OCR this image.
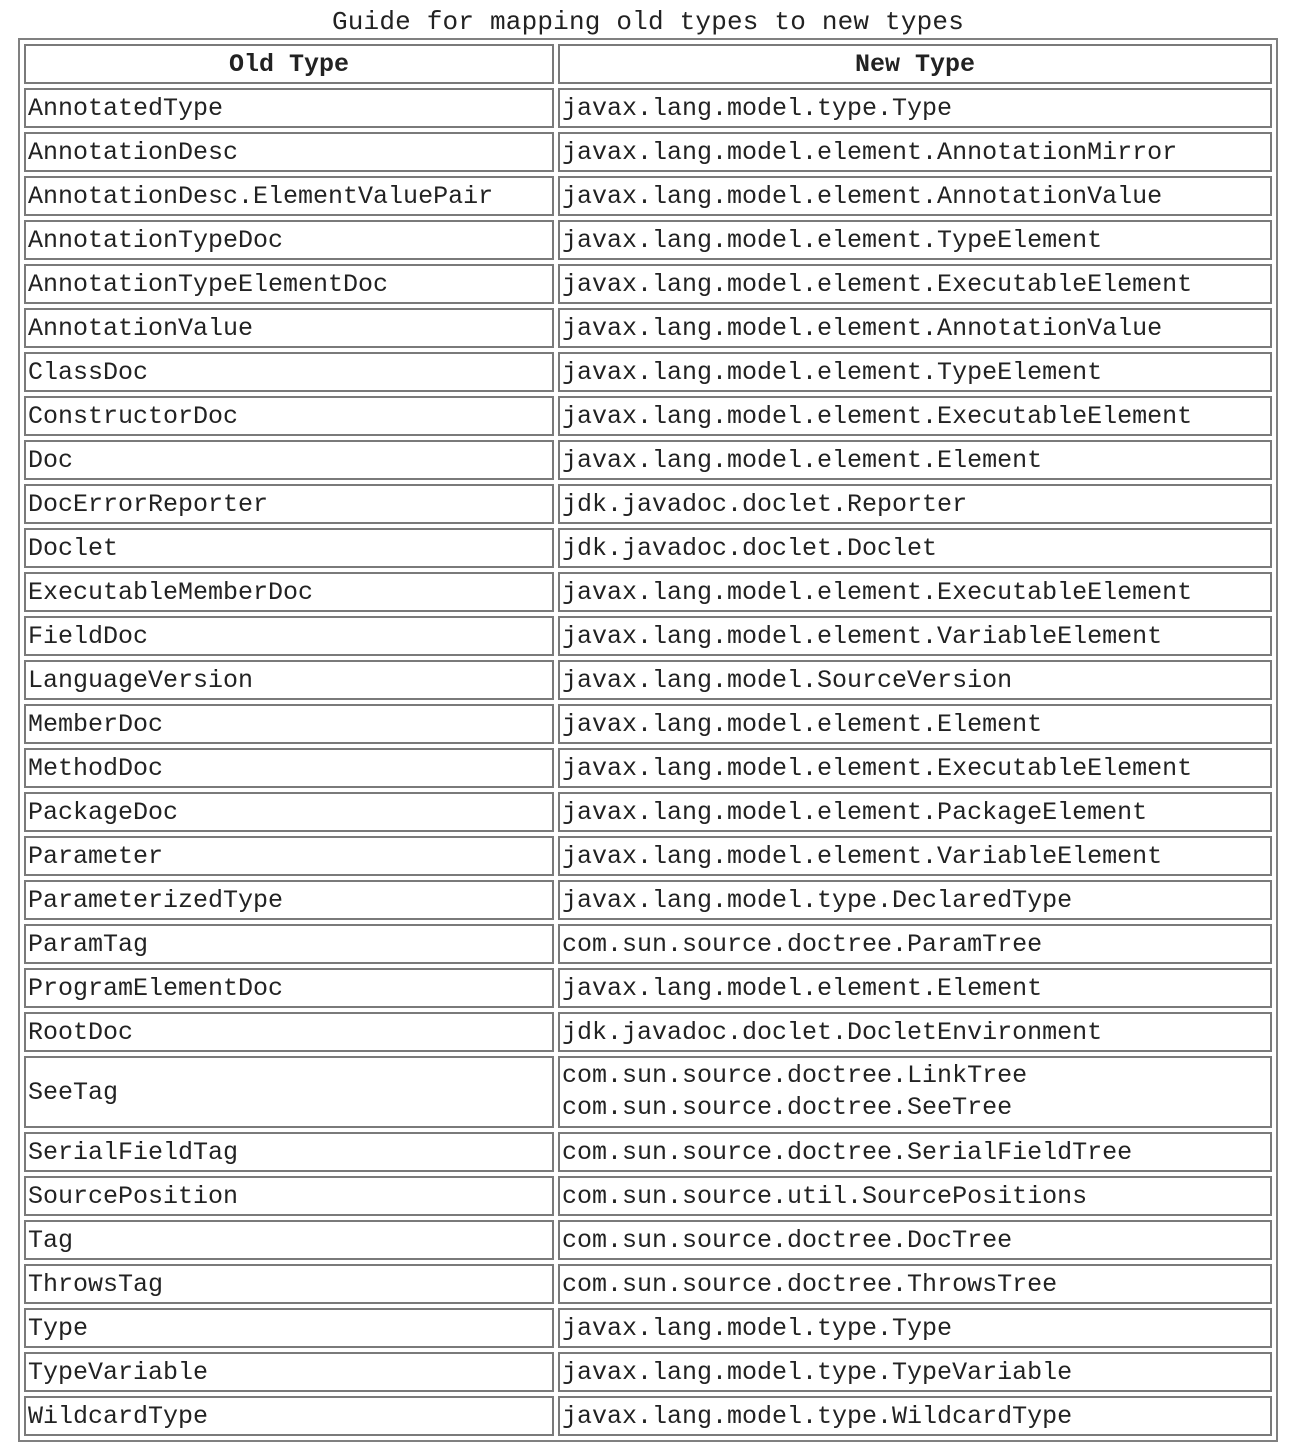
Guide for mapping old types to new types
Old Type	New Type
AnnotatedType	javax.lang.model.type.Type

AnnotationDesc	javax.lang.model.element.AnnotationMirror

AnnotationDesc.ElementValuePair	javax.lang.model.element.AnnotationValue

AnnotationTypeDoc	javax.lang.model.element.TypeElement

AnnotationTypeElementDoc	javax.lang.model.element.ExecutableElement

AnnotationValue	javax.lang.model.element.AnnotationValue

ClassDoc	javax.lang.model.element.TypeElement

ConstructorDoc	javax.lang.model.element.ExecutableElement

Doc	javax.lang.model.element.Element

DocErrorReporter	jdk.javadoc.doclet.Reporter

Doclet	jdk.javadoc.doclet.Doclet

ExecutableMemberDoc	javax.lang.model.element.ExecutableElement

FieldDoc	javax.lang.model.element.VariableElement

LanguageVersion	javax.lang.model.SourceVersion

MemberDoc	javax.lang.model.element.Element

MethodDoc	javax.lang.model.element.ExecutableElement

PackageDoc	javax.lang.model.element.PackageElement

Parameter	javax.lang.model.element.VariableElement

ParameterizedType	javax.lang.model.type.DeclaredType

ParamTag	com.sun.source.doctree.ParamTree

ProgramElementDoc	javax.lang.model.element.Element

RootDoc	jdk.javadoc.doclet.DocletEnvironment

SeeTag	com.sun.source.doctree.LinkTree
com.sun.source.doctree.SeeTree

SerialFieldTag	com.sun.source.doctree.SerialFieldTree

SourcePosition	com.sun.source.util.SourcePositions

Tag	com.sun.source.doctree.DocTree

ThrowsTag	com.sun.source.doctree.ThrowsTree

Type	javax.lang.model.type.Type

TypeVariable	javax.lang.model.type.TypeVariable

WildcardType	javax.lang.model.type.WildcardType
